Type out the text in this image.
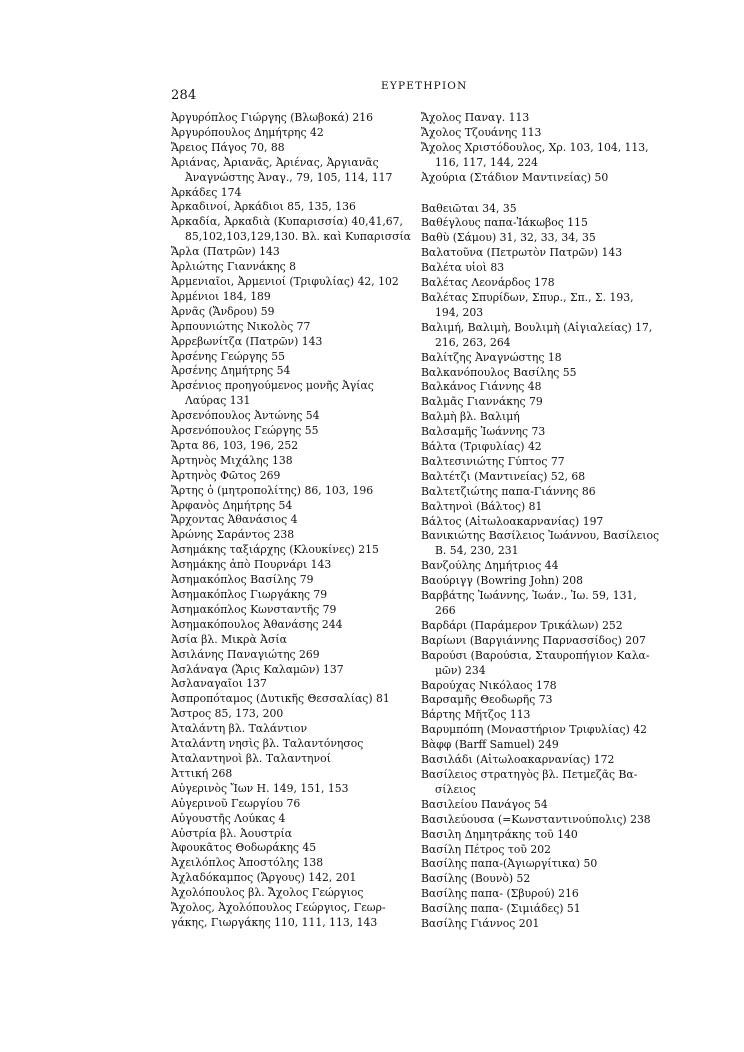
284
ΕΥΡΕΤΗΡΙΟΝ
Ἀργυρόπλος Γιώργης (Βλωβοκά) 216
Ἀργυρόπουλος Δημήτρης 42
Ἄρειος Πάγος 70, 88
Ἀριάνας, Ἀριανᾶς, Ἀριένας, Ἀργιανᾶς
Ἀναγνώστης Ἀναγ., 79, 105, 114, 117
Ἀρκάδες 174
Ἀρκαδινοί, Ἀρκάδιοι 85, 135, 136
Ἀρκαδία, Ἀρκαδιὰ (Κυπαρισσία) 40,41,67,
85,102,103,129,130. Βλ. καὶ Κυπαρισσία
Ἄρλα (Πατρῶν) 143
Ἀρλιώτης Γιαννάκης 8
Ἀρμενιαῖοι, Ἀρμενιοί (Τριφυλίας) 42, 102
Ἀρμένιοι 184, 189
Ἀρνᾶς (Ἄνδρου) 59
Ἀρπουνιώτης Νικολὸς 77
Ἀρρεβωνίτζα (Πατρῶν) 143
Ἀρσένης Γεώργης 55
Ἀρσένης Δημήτρης 54
Ἀρσένιος προηγούμενος μονῆς Ἀγίας
Λαύρας 131
Ἀρσενόπουλος Ἀντώνης 54
Ἀρσενόπουλος Γεώργης 55
Ἄρτα 86, 103, 196, 252
Ἀρτηνὸς Μιχάλης 138
Ἀρτηνὸς Φῶτος 269
Ἄρτης ὁ (μητροπολίτης) 86, 103, 196
Ἀρφανὸς Δημήτρης 54
Ἄρχοντας Ἀθανάσιος 4
Ἀρώνης Σαράντος 238
Ἀσημάκης ταξιάρχης (Κλουκίνες) 215
Ἀσημάκης ἀπὸ Πουρνάρι 143
Ἀσημακόπλος Βασίλης 79
Ἀσημακόπλος Γιωργάκης 79
Ἀσημακόπλος Κωνσταντῆς 79
Ἀσημακόπουλος Ἀθανάσης 244
Ἀσία βλ. Μικρὰ Ἀσία
Ἀσιλάνης Παναγιώτης 269
Ἀσλάναγα (Ἄρις Καλαμῶν) 137
Ἀσλαναγαῖοι 137
Ἀσπροπόταμος (Δυτικῆς Θεσσαλίας) 81
Ἄστρος 85, 173, 200
Ἀταλάντη βλ. Ταλάντιον
Ἀταλάντη νησὶς βλ. Ταλαντόνησος
Ἀταλαντηνοὶ βλ. Ταλαντηνοί
Ἀττική 268
Αὐγερινὸς Ἴων Η. 149, 151, 153
Αὐγερινοῦ Γεωργίου 76
Αὐγουστῆς Λούκας 4
Αὐστρία βλ. Ἀουστρία
Ἀφουκᾶτος Θοδωράκης 45
Ἀχειλόπλος Ἀποστόλης 138
Ἀχλαδόκαμπος (Ἄργους) 142, 201
Ἀχολόπουλος βλ. Ἄχολος Γεώργιος
Ἄχολος, Ἀχολόπουλος Γεώργιος, Γεωρ-
γάκης, Γιωργάκης 110, 111, 113, 143
Ἄχολος Παναγ. 113
Ἄχολος Τζουάνης 113
Ἄχολος Χριστόδουλος, Χρ. 103, 104, 113,
116, 117, 144, 224
Ἀχούρια (Στάδιον Μαντινείας) 50
Βαθειῶται 34, 35
Βαθέγλους παπα-Ἰάκωβος 115
Βαθὺ (Σάμου) 31, 32, 33, 34, 35
Βαλατοῦνα (Πετρωτὸν Πατρῶν) 143
Βαλέτα υἱοὶ 83
Βαλέτας Λεονάρδος 178
Βαλέτας Σπυρίδων, Σπυρ., Σπ., Σ. 193,
194, 203
Βαλιμή, Βαλιμὴ, Βουλιμὴ (Αἰγιαλείας) 17,
216, 263, 264
Βαλίτζης Ἀναγνώστης 18
Βαλκανόπουλος Βασίλης 55
Βαλκάνος Γιάννης 48
Βαλμᾶς Γιαννάκης 79
Βαλμὴ βλ. Βαλιμή
Βαλσαμῆς Ἰωάννης 73
Βάλτα (Τριφυλίας) 42
Βαλτεσινιώτης Γύπτος 77
Βαλτέτζι (Μαντινείας) 52, 68
Βαλτετζιώτης παπα-Γιάννης 86
Βαλτηνοὶ (Βάλτος) 81
Βάλτος (Αἰτωλοακαρνανίας) 197
Βανικιώτης Βασίλειος Ἰωάννου, Βασίλειος
Β. 54, 230, 231
Βανζούλης Δημήτριος 44
Βαούριγγ (Bowring John) 208
Βαρβάτης Ἰωάννης, Ἰωάν., Ἰω. 59, 131,
266
Βαρδάρι (Παράμερον Τρικάλων) 252
Βαρίωνι (Βαργιάννης Παρνασσίδος) 207
Βαρούσι (Βαρούσια, Σταυροπήγιον Καλα-
μῶν) 234
Βαρούχας Νικόλαος 178
Βαρσαμῆς Θεοδωρῆς 73
Βάρτης Μῆτζος 113
Βαρυμπόπη (Μοναστήριον Τριφυλίας) 42
Βὰφφ (Barff Samuel) 249
Βασιλάδι (Αἰτωλοακαρνανίας) 172
Βασίλειος στρατηγὸς βλ. Πετμεζᾶς Βα-
σίλειος
Βασιλείου Πανάγος 54
Βασιλεύουσα (=Κωνσταντινούπολις) 238
Βασιλη Δημητράκης τοῦ 140
Βασίλη Πέτρος τοῦ 202
Βασίλης παπα-(Ἀγιωργίτικα) 50
Βασίλης (Βουνὸ) 52
Βασίλης παπα- (Σβυρού) 216
Βασίλης παπα- (Σιμιάδες) 51
Βασίλης Γιάννος 201
